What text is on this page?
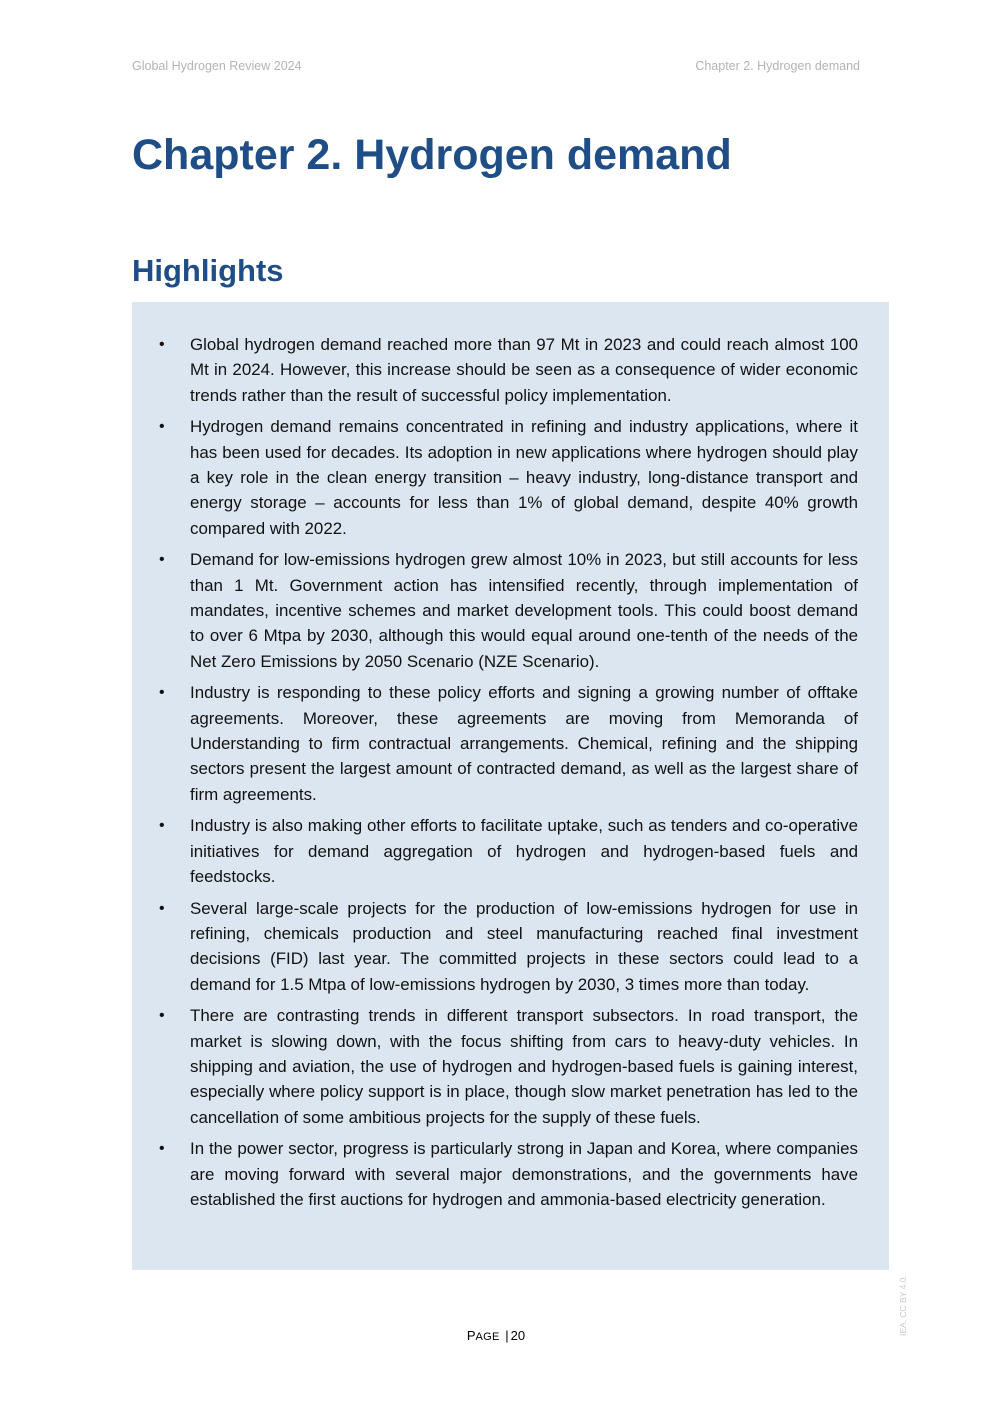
Global Hydrogen Review 2024	Chapter 2. Hydrogen demand
Chapter 2. Hydrogen demand
Highlights
• Global hydrogen demand reached more than 97 Mt in 2023 and could reach almost 100 Mt in 2024. However, this increase should be seen as a consequence of wider economic trends rather than the result of successful policy implementation.
• Hydrogen demand remains concentrated in refining and industry applications, where it has been used for decades. Its adoption in new applications where hydrogen should play a key role in the clean energy transition – heavy industry, long-distance transport and energy storage – accounts for less than 1% of global demand, despite 40% growth compared with 2022.
• Demand for low-emissions hydrogen grew almost 10% in 2023, but still accounts for less than 1 Mt. Government action has intensified recently, through implementation of mandates, incentive schemes and market development tools. This could boost demand to over 6 Mtpa by 2030, although this would equal around one-tenth of the needs of the Net Zero Emissions by 2050 Scenario (NZE Scenario).
• Industry is responding to these policy efforts and signing a growing number of offtake agreements. Moreover, these agreements are moving from Memoranda of Understanding to firm contractual arrangements. Chemical, refining and the shipping sectors present the largest amount of contracted demand, as well as the largest share of firm agreements.
• Industry is also making other efforts to facilitate uptake, such as tenders and co-operative initiatives for demand aggregation of hydrogen and hydrogen-based fuels and feedstocks.
• Several large-scale projects for the production of low-emissions hydrogen for use in refining, chemicals production and steel manufacturing reached final investment decisions (FID) last year. The committed projects in these sectors could lead to a demand for 1.5 Mtpa of low-emissions hydrogen by 2030, 3 times more than today.
• There are contrasting trends in different transport subsectors. In road transport, the market is slowing down, with the focus shifting from cars to heavy-duty vehicles. In shipping and aviation, the use of hydrogen and hydrogen-based fuels is gaining interest, especially where policy support is in place, though slow market penetration has led to the cancellation of some ambitious projects for the supply of these fuels.
• In the power sector, progress is particularly strong in Japan and Korea, where companies are moving forward with several major demonstrations, and the governments have established the first auctions for hydrogen and ammonia-based electricity generation.
PAGE | 20	IEA. CC BY 4.0.
